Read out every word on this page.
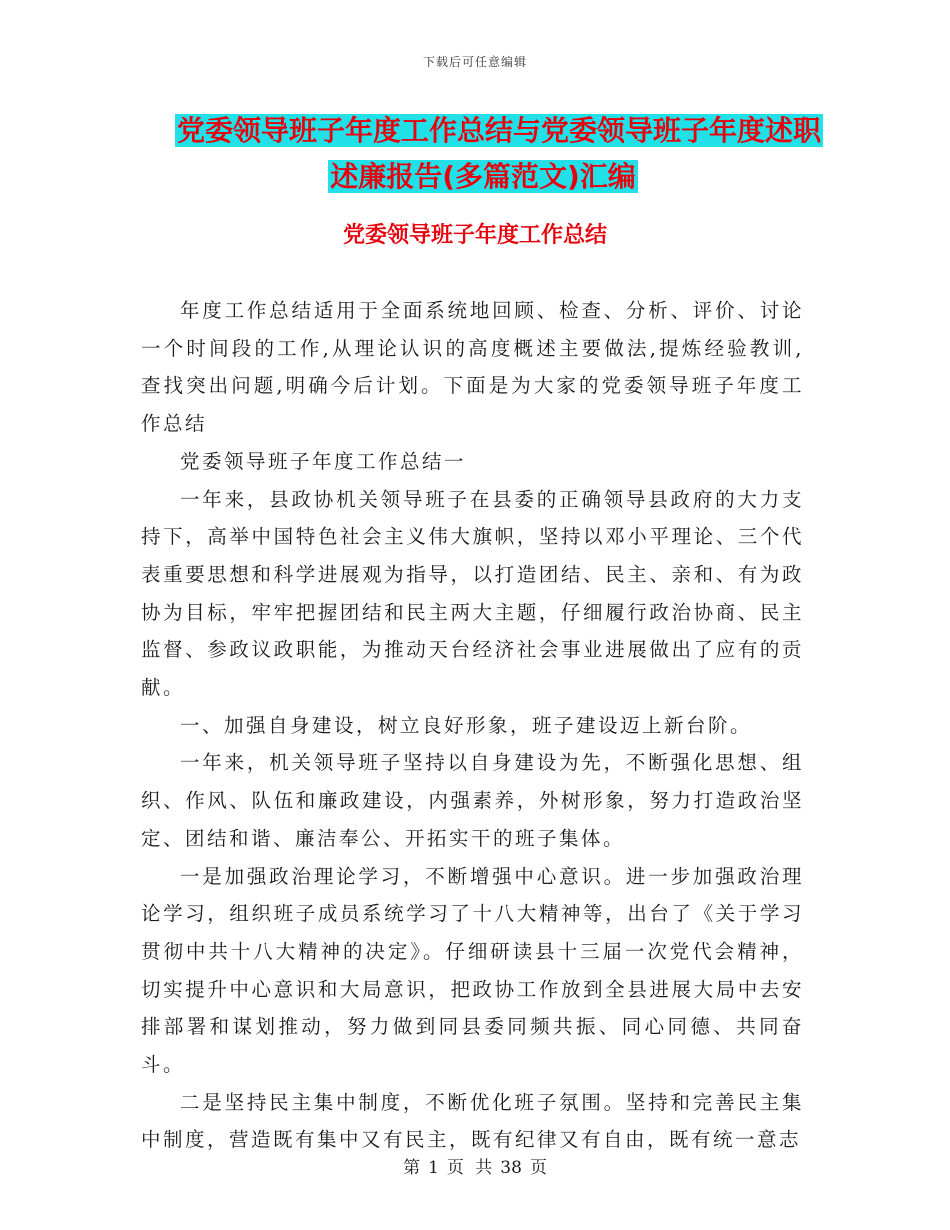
下载后可任意编辑
党委领导班子年度工作总结与党委领导班子年度述职
述廉报告(多篇范文)汇编
党委领导班子年度工作总结

年度工作总结适用于全面系统地回顾、检查、分析、评价、讨论一个时间段的工作,从理论认识的高度概述主要做法,提炼经验教训,查找突出问题,明确今后计划。下面是为大家的党委领导班子年度工作总结

党委领导班子年度工作总结一

一年来，县政协机关领导班子在县委的正确领导县政府的大力支持下，高举中国特色社会主义伟大旗帜，坚持以邓小平理论、三个代表重要思想和科学进展观为指导，以打造团结、民主、亲和、有为政协为目标，牢牢把握团结和民主两大主题，仔细履行政治协商、民主监督、参政议政职能，为推动天台经济社会事业进展做出了应有的贡献。

一、加强自身建设，树立良好形象，班子建设迈上新台阶。

一年来，机关领导班子坚持以自身建设为先，不断强化思想、组织、作风、队伍和廉政建设，内强素养，外树形象，努力打造政治坚定、团结和谐、廉洁奉公、开拓实干的班子集体。

一是加强政治理论学习，不断增强中心意识。进一步加强政治理论学习，组织班子成员系统学习了十八大精神等，出台了《关于学习贯彻中共十八大精神的决定》。仔细研读县十三届一次党代会精神，切实提升中心意识和大局意识，把政协工作放到全县进展大局中去安排部署和谋划推动，努力做到同县委同频共振、同心同德、共同奋斗。

二是坚持民主集中制度，不断优化班子氛围。坚持和完善民主集中制度，营造既有集中又有民主，既有纪律又有自由，既有统一意志

第 1 页 共 38 页
